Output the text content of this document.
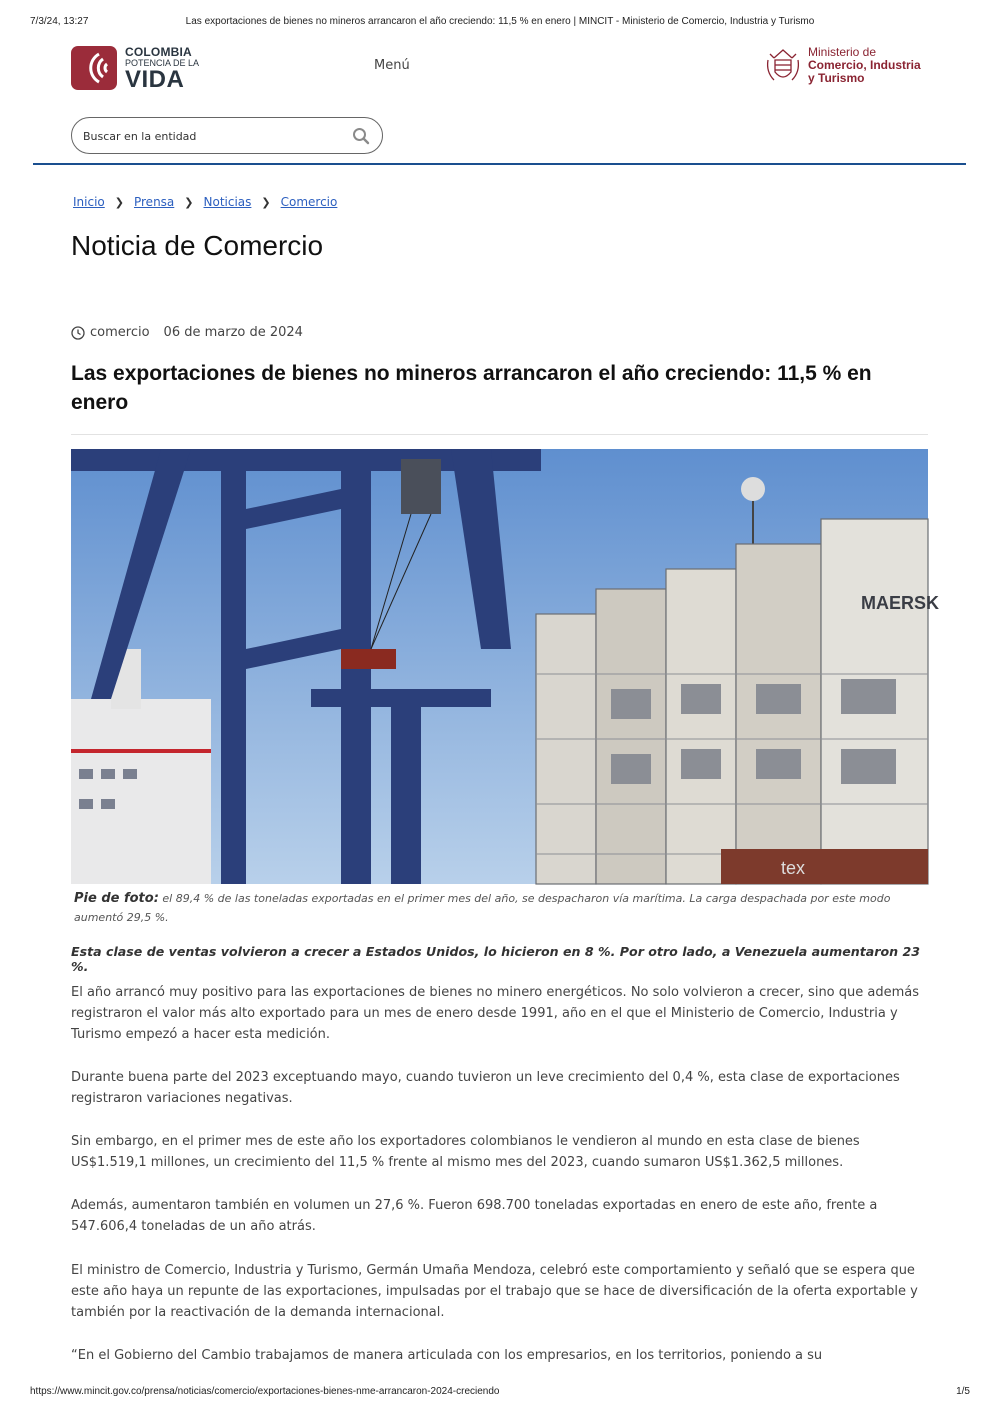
7/3/24, 13:27	Las exportaciones de bienes no mineros arrancaron el año creciendo: 11,5 % en enero | MINCIT - Ministerio de Comercio, Industria y Turismo
COLOMBIA
POTENCIA DE LA
VIDA
Menú
Ministerio de
Comercio, Industria
y Turismo
Buscar en la entidad
Inicio ❯ Prensa ❯ Noticias ❯ Comercio
Noticia de Comercio
comercio 06 de marzo de 2024
Las exportaciones de bienes no mineros arrancaron el año creciendo: 11,5 % en enero
MAERSK
tex

Pie de foto: el 89,4 % de las toneladas exportadas en el primer mes del año, se despacharon vía marítima. La carga despachada por este modo aumentó 29,5 %.

Esta clase de ventas volvieron a crecer a Estados Unidos, lo hicieron en 8 %. Por otro lado, a Venezuela aumentaron 23 %.

El año arrancó muy positivo para las exportaciones de bienes no minero energéticos. No solo volvieron a crecer, sino que además registraron el valor más alto exportado para un mes de enero desde 1991, año en el que el Ministerio de Comercio, Industria y Turismo empezó a hacer esta medición.

Durante buena parte del 2023 exceptuando mayo, cuando tuvieron un leve crecimiento del 0,4 %, esta clase de exportaciones registraron variaciones negativas.

Sin embargo, en el primer mes de este año los exportadores colombianos le vendieron al mundo en esta clase de bienes US$1.519,1 millones, un crecimiento del 11,5 % frente al mismo mes del 2023, cuando sumaron US$1.362,5 millones.

Además, aumentaron también en volumen un 27,6 %. Fueron 698.700 toneladas exportadas en enero de este año, frente a 547.606,4 toneladas de un año atrás.

El ministro de Comercio, Industria y Turismo, Germán Umaña Mendoza, celebró este comportamiento y señaló que se espera que este año haya un repunte de las exportaciones, impulsadas por el trabajo que se hace de diversificación de la oferta exportable y también por la reactivación de la demanda internacional.

“En el Gobierno del Cambio trabajamos de manera articulada con los empresarios, en los territorios, poniendo a su

https://www.mincit.gov.co/prensa/noticias/comercio/exportaciones-bienes-nme-arrancaron-2024-creciendo	1/5
